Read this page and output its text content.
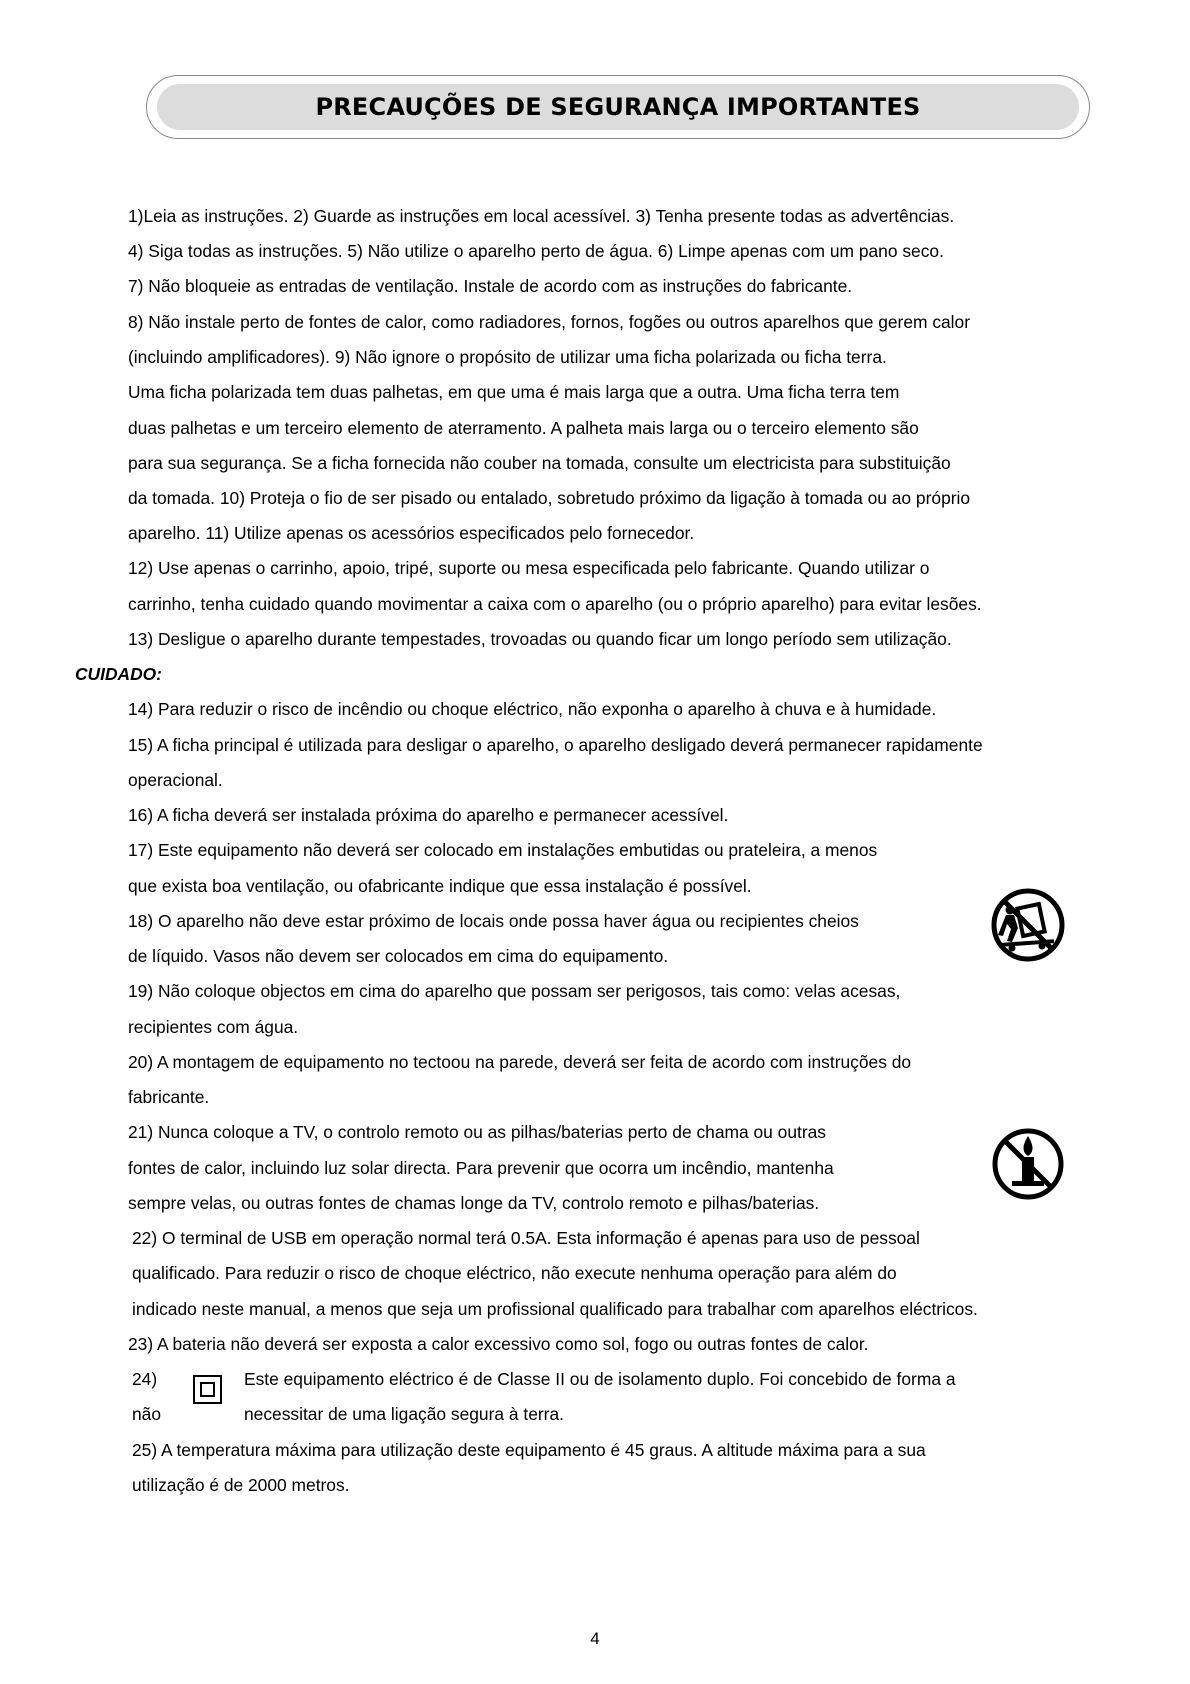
PRECAUÇÕES DE SEGURANÇA IMPORTANTES
1)Leia as instruções. 2) Guarde as instruções em local acessível. 3) Tenha presente todas as advertências.
4) Siga todas as instruções. 5) Não utilize o aparelho perto de água. 6) Limpe apenas com um pano seco.
7) Não bloqueie as entradas de ventilação. Instale de acordo com as instruções do fabricante.
8) Não instale perto de fontes de calor, como radiadores, fornos, fogões ou outros aparelhos que gerem calor
(incluindo amplificadores). 9) Não ignore o propósito de utilizar uma ficha polarizada ou ficha terra.
Uma ficha polarizada tem duas palhetas, em que uma é mais larga que a outra. Uma ficha terra tem
duas palhetas e um terceiro elemento de aterramento. A palheta mais larga ou o terceiro elemento são
para sua segurança. Se a ficha fornecida não couber na tomada, consulte um electricista para substituição
da tomada. 10) Proteja o fio de ser pisado ou entalado, sobretudo próximo da ligação à tomada ou ao próprio
aparelho. 11) Utilize apenas os acessórios especificados pelo fornecedor.
12) Use apenas o carrinho, apoio, tripé, suporte ou mesa especificada pelo fabricante. Quando utilizar o
carrinho, tenha cuidado quando movimentar a caixa com o aparelho (ou o próprio aparelho) para evitar lesões.
13) Desligue o aparelho durante tempestades, trovoadas ou quando ficar um longo período sem utilização.
CUIDADO:
14) Para reduzir o risco de incêndio ou choque eléctrico, não exponha o aparelho à chuva e à humidade.
15) A ficha principal é utilizada para desligar o aparelho, o aparelho desligado deverá permanecer rapidamente
operacional.
16) A ficha deverá ser instalada próxima do aparelho e permanecer acessível.
17) Este equipamento não deverá ser colocado em instalações embutidas ou prateleira, a menos
que exista boa ventilação, ou ofabricante indique que essa instalação é possível.
18) O aparelho não deve estar próximo de locais onde possa haver água ou recipientes cheios
de líquido. Vasos não devem ser colocados em cima do equipamento.
19) Não coloque objectos em cima do aparelho que possam ser perigosos, tais como: velas acesas,
recipientes com água.
20) A montagem de equipamento no tectoou na parede, deverá ser feita de acordo com instruções do
fabricante.
21) Nunca coloque a TV, o controlo remoto ou as pilhas/baterias perto de chama ou outras
fontes de calor, incluindo luz solar directa. Para prevenir que ocorra um incêndio, mantenha
sempre velas, ou outras fontes de chamas longe da TV, controlo remoto e pilhas/baterias.
22) O terminal de USB em operação normal terá 0.5A. Esta informação é apenas para uso de pessoal
qualificado. Para reduzir o risco de choque eléctrico, não execute nenhuma operação para além do
indicado neste manual, a menos que seja um profissional qualificado para trabalhar com aparelhos eléctricos.
23) A bateria não deverá ser exposta a calor excessivo como sol, fogo ou outras fontes de calor.
24)	Este equipamento eléctrico é de Classe II ou de isolamento duplo. Foi concebido de forma a
não	necessitar de uma ligação segura à terra.
25) A temperatura máxima para utilização deste equipamento é 45 graus. A altitude máxima para a sua
utilização é de 2000 metros.
4
